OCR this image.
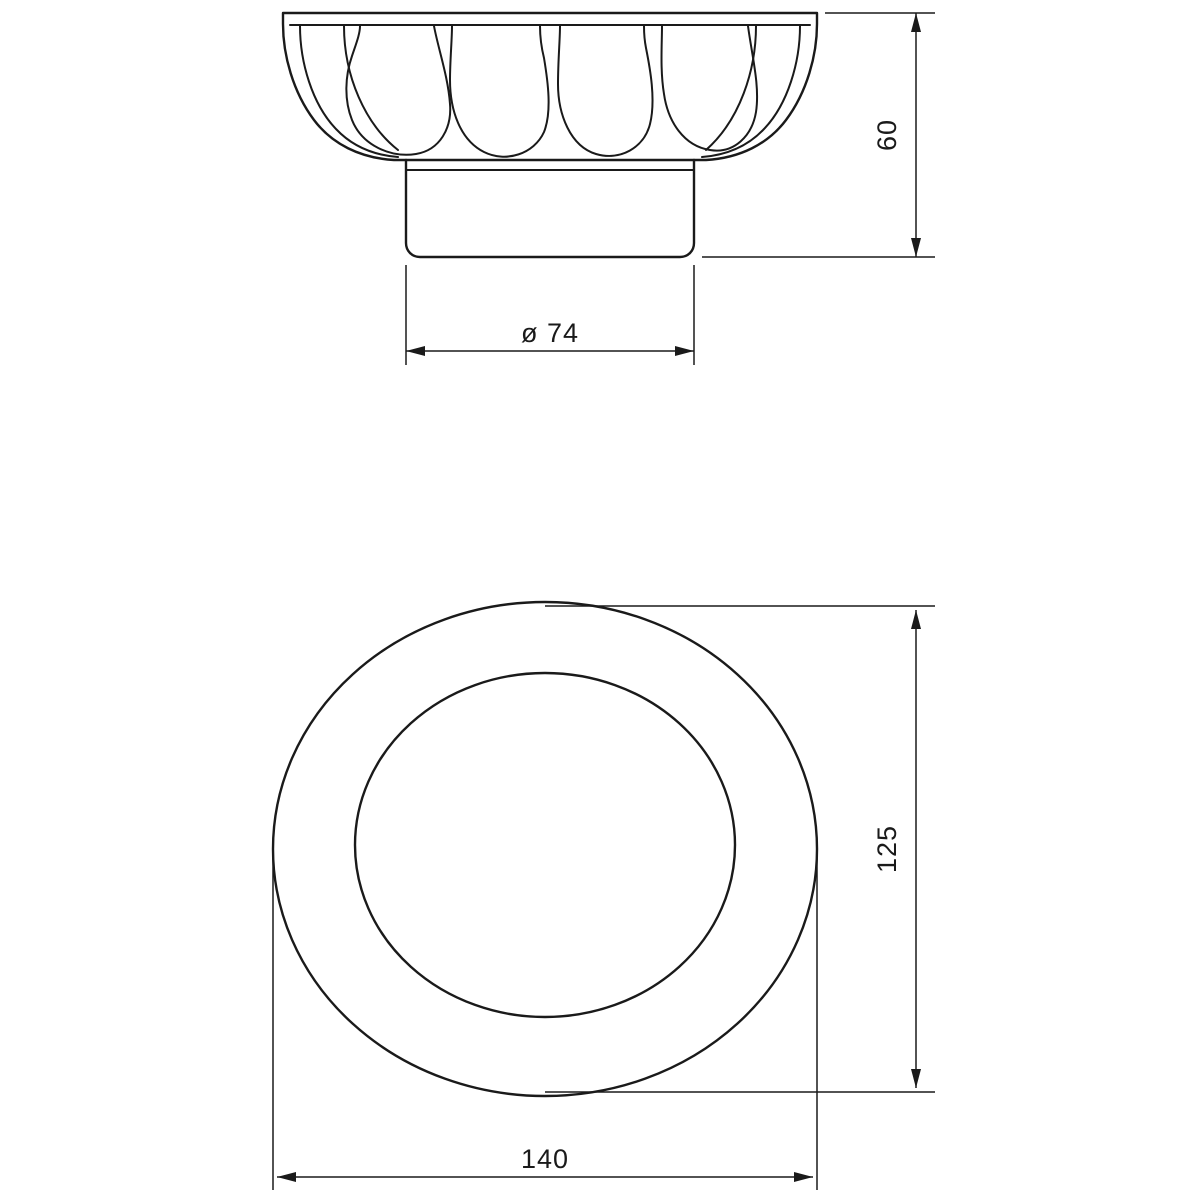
60
ø 74
125
140
